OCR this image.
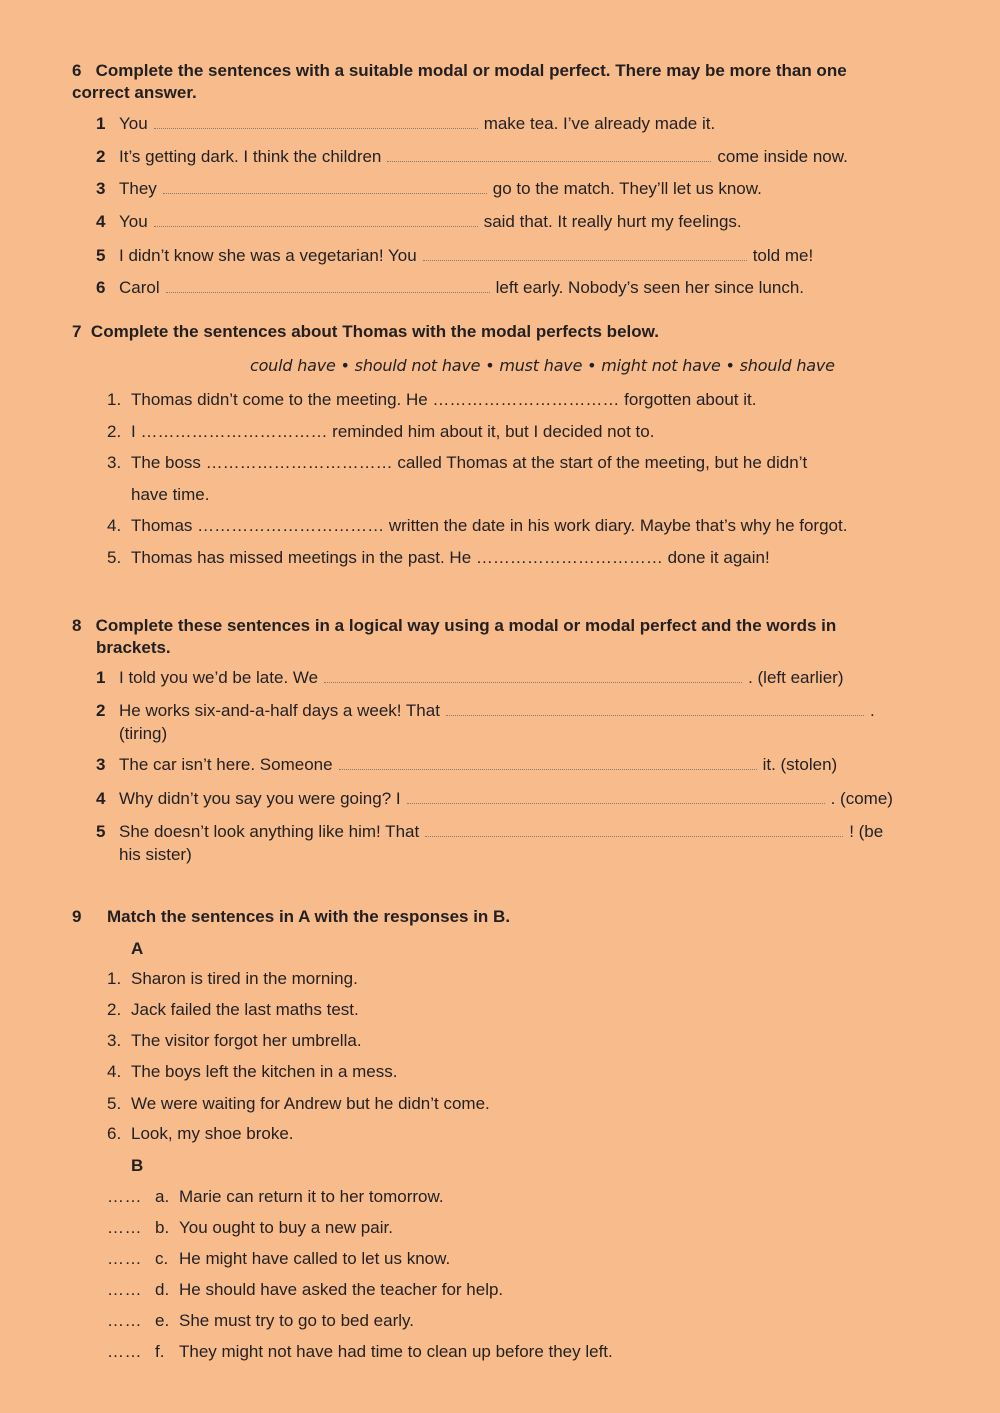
6 Complete the sentences with a suitable modal or modal perfect. There may be more than one
correct answer.
1 You	make tea. I’ve already made it.
2 It’s getting dark. I think the children	come inside now.
3 They	go to the match. They’ll let us know.
4 You	said that. It really hurt my feelings.
5 I didn’t know she was a vegetarian! You	told me!
6 Carol	left early. Nobody’s seen her since lunch.
7 Complete the sentences about Thomas with the modal perfects below.
could have • should not have • must have • might not have • should have
1. Thomas didn’t come to the meeting. He …………………………… forgotten about it.
2. I …………………………… reminded him about it, but I decided not to.
3. The boss …………………………… called Thomas at the start of the meeting, but he didn’t
have time.
4. Thomas …………………………… written the date in his work diary. Maybe that’s why he forgot.
5. Thomas has missed meetings in the past. He …………………………… done it again!
8 Complete these sentences in a logical way using a modal or modal perfect and the words in
brackets.
1 I told you we’d be late. We	. (left earlier)
2 He works six-and-a-half days a week! That	.
(tiring)
3 The car isn’t here. Someone	it. (stolen)
4 Why didn’t you say you were going? I	. (come)
5 She doesn’t look anything like him! That	! (be
his sister)
9 Match the sentences in A with the responses in B.
A
1. Sharon is tired in the morning.
2. Jack failed the last maths test.
3. The visitor forgot her umbrella.
4. The boys left the kitchen in a mess.
5. We were waiting for Andrew but he didn’t come.
6. Look, my shoe broke.
B
…… a. Marie can return it to her tomorrow.
…… b. You ought to buy a new pair.
…… c. He might have called to let us know.
…… d. He should have asked the teacher for help.
…… e. She must try to go to bed early.
…… f. They might not have had time to clean up before they left.
